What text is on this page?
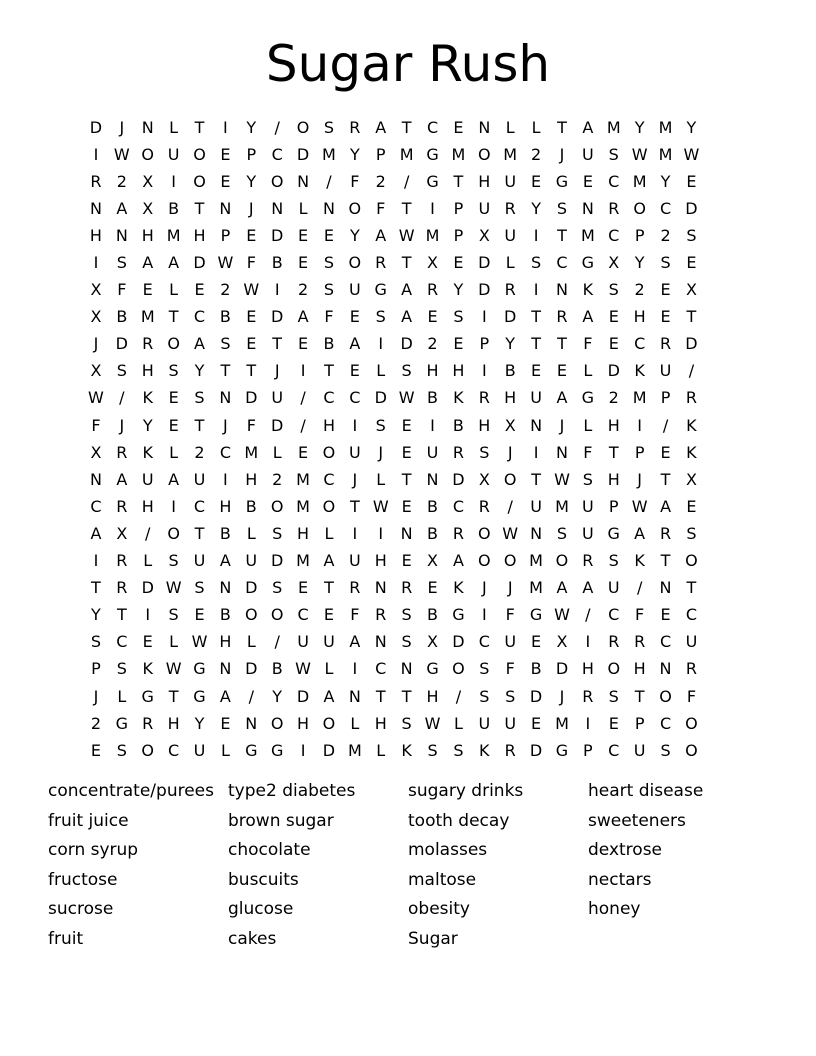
Sugar Rush
D	J	N L	T	I	Y	/	O S R A T C E N L	L	T A M Y M Y
I W O U O E	P C D M Y	P M G M O M 2	J	U S W M W
R 2 X	I	O E Y O N	/	F	2	/	G T H U E G E C M Y E
N A X B T N	J	N L N O F	T	I	P U R Y S N R O C D
H N H M H P	E D E E Y A W M P X U	I	T M C P 2 S
I	S A A D W F B E S O R T X E D L	S C G X Y S E
X F	E	L	E 2 W I	2 S U G A R Y D R	I	N K S 2 E X
X B M T C B E D A F	E S A E S	I	D T R A E H E T
J	D R O A S E T E B A	I	D 2 E	P	Y	T	T	F	E C R D
X S H S Y	T	T	J	I	T E	L	S H H	I	B E E	L D K U	/
W /	K E S N D U	/	C C D W B K R H U A G 2 M P R
F	J	Y E T	J	F D	/	H	I	S E	I	B H X N	J	L H	I	/	K
X R K	L	2 C M L	E O U	J	E U R S	J	I	N F	T	P	E K
N A U A U	I	H 2 M C	J	L	T N D X O T W S H	J	T X
C R H	I	C H B O M O T W E B C R	/	U M U P W A E
A X	/	O T B L	S H L	I	I	N B R O W N S U G A R S
I	R L	S U A U D M A U H E X A O O M O R S K T O
T R D W S N D S E T R N R E K	J	J	M A A U	/	N T
Y	T	I	S E B O O C E	F R S B G	I	F G W /	C F	E C
S C E	L W H L	/	U U A N S X D C U E X	I	R R C U
P S K W G N D B W L	I	C N G O S	F B D H O H N R
J	L G T G A	/	Y D A N T	T H	/	S S D	J	R S T O F
2 G R H Y E N O H O L H S W L U U E M	I	E	P C O
E S O C U L G G	I	D M L	K S S K R D G P C U S O
concentrate/purees
fruit juice
corn syrup
fructose
sucrose
fruit
type2 diabetes
brown sugar
chocolate
buscuits
glucose
cakes
sugary drinks
tooth decay
molasses
maltose
obesity
Sugar
heart disease
sweeteners
dextrose
nectars
honey
